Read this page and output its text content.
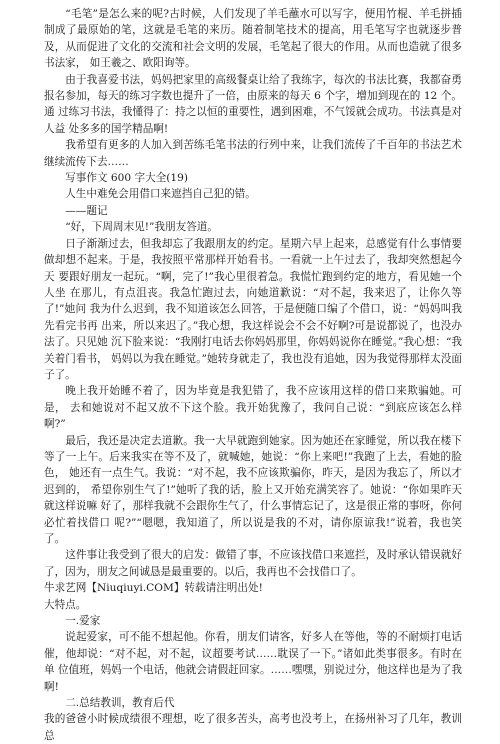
“毛笔”是怎么来的呢?古时候，人们发现了羊毛蘸水可以写字，便用竹棍、羊毛拼插 制成了最原始的笔，这就是毛笔的来历。随着制笔技术的提高，用毛笔写字也就逐步普及，从而促进了文化的交流和社会文明的发展，毛笔起了很大的作用。从而也造就了很多书法家， 如王羲之、欧阳询等。

由于我喜爱书法，妈妈把家里的高级餐桌让给了我练字，每次的书法比赛，我都奋勇 报名参加，每天的练习字数也提升了一倍，由原来的每天 6 个字，增加到现在的 12 个。通 过练习书法，我懂得了：持之以恒的重要性，遇到困难，不气馁就会成功。书法真是对人益 处多多的国学精品啊!

我希望有更多的人加入到苦练毛笔书法的行列中来，让我们流传了千百年的书法艺术 继续流传下去……

写事作文 600 字大全(19)

人生中难免会用借口来遮挡自己犯的错。

——题记

“好，下周周末见!”我朋友答道。

日子渐渐过去，但我却忘了我跟朋友的约定。星期六早上起来，总感觉有什么事情要 做却想不起来。于是，我按照平常那样开始看书。一看就一上午过去了，我却突然想起今天 要跟好朋友一起玩。“啊，完了!”我心里很着急。我慌忙跑到约定的地方，看见她一个人坐 在那儿，有点沮丧。我急忙跑过去，向她道歉说：“对不起，我来迟了，让你久等了!”她问 我为什么迟到，我不知道该怎么回答，于是便随口编了个借口，说：“妈妈叫我先看完书再 出来，所以来迟了。”我心想，我这样说会不会不好啊?可是说都说了，也没办法了。只见她 沉下脸来说：“我刚打电话去你妈妈那里，你妈妈说你在睡觉。”我心想：“我关着门看书， 妈妈以为我在睡觉。”她转身就走了，我也没有追她，因为我觉得那样太没面子了。

晚上我开始睡不着了，因为毕竟是我犯错了，我不应该用这样的借口来欺骗她。可是， 去和她说对不起又放不下这个脸。我开始犹豫了，我问自己说：“到底应该怎么样啊?”

最后，我还是决定去道歉。我一大早就跑到她家。因为她还在家睡觉，所以我在楼下 等了一上午。后来我实在等不及了，就喊她，她说：“你上来吧!”我跑了上去，看她的脸色， 她还有一点生气。我说：“对不起，我不应该欺骗你，昨天，是因为我忘了，所以才迟到的， 希望你别生气了!”她听了我的话，脸上又开始充满笑容了。她说：“你如果昨天就这样说嘛 好了，那样我就不会跟你生气了，什么事情忘记了，这是很正常的事呀，你何必忙着找借口 呢?”“嗯嗯，我知道了，所以说是我的不对，请你原谅我!”说着，我也笑了。

这件事让我受到了很大的启发：做错了事，不应该找借口来遮拦，及时承认错误就好 了，因为，朋友之间诚恳是最重要的。以后，我再也不会找借口了。

牛求艺网【Niuqiuyi.COM】转载请注明出处!

大特点。

一.爱家

说起爱家，可不能不想起他。你看，朋友们请客，好多人在等他，等的不耐烦打电话 催，他却说：“对不起，对不起，议超要考试……耽误了一下。”诸如此类事很多。有时在单 位值班，妈妈一个电话，他就会请假赶回家。……嘿嘿，别说过分，他这样也是为了我啊!

二.总结教训，教育后代

我的爸爸小时候成绩很不理想，吃了很多苦头，高考也没考上，在扬州补习了几年，教训总
